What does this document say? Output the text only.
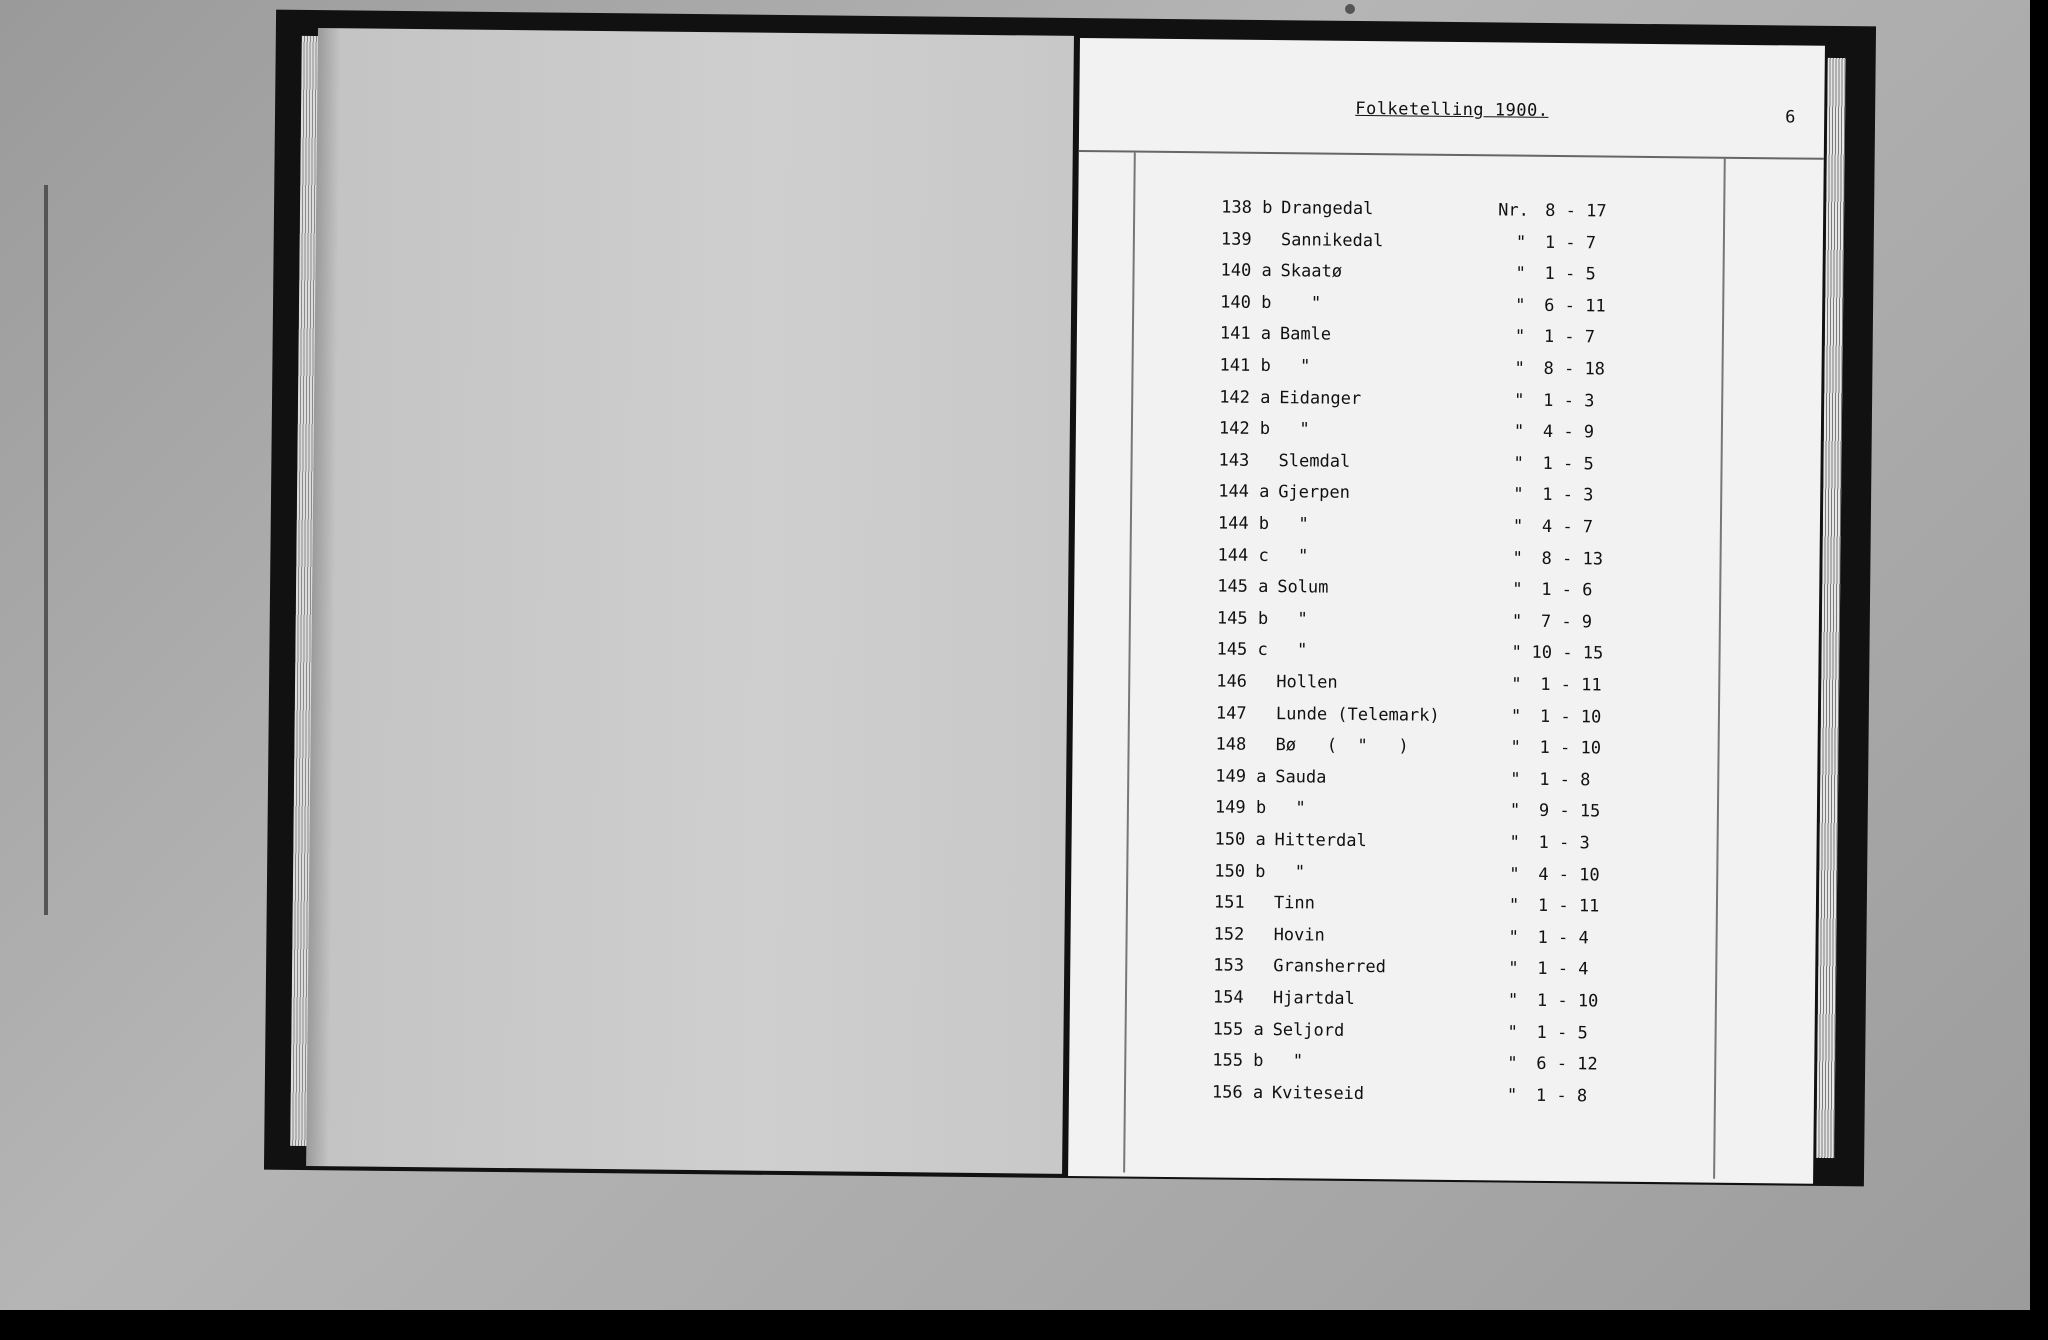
Folketelling 1900.	6
138 b Drangedal	Nr. 8 - 17
139 Sannikedal	" 1 - 7
140 a Skaatø	" 1 - 5
140 b "	" 6 - 11
141 a Bamle	" 1 - 7
141 b "	" 8 - 18
142 a Eidanger	" 1 - 3
142 b "	" 4 - 9
143 Slemdal	" 1 - 5
144 a Gjerpen	" 1 - 3
144 b "	" 4 - 7
144 c "	" 8 - 13
145 a Solum	" 1 - 6
145 b "	" 7 - 9
145 c "	" 10 - 15
146 Hollen	" 1 - 11
147 Lunde (Telemark)	" 1 - 10
148 Bø   (  "   )	" 1 - 10
149 a Sauda	" 1 - 8
149 b "	" 9 - 15
150 a Hitterdal	" 1 - 3
150 b "	" 4 - 10
151 Tinn	" 1 - 11
152 Hovin	" 1 - 4
153 Gransherred	" 1 - 4
154 Hjartdal	" 1 - 10
155 a Seljord	" 1 - 5
155 b "	" 6 - 12
156 a Kviteseid	" 1 - 8
